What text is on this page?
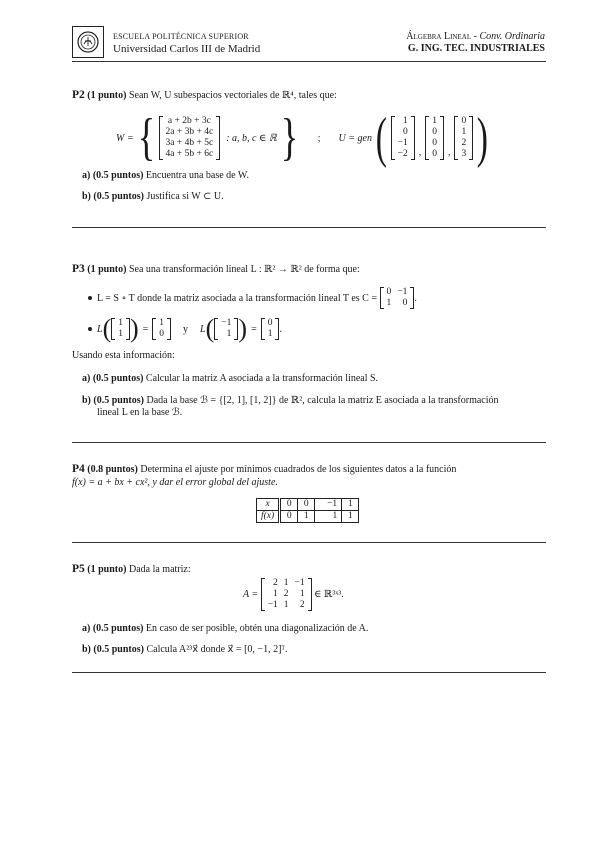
ESCUELA POLITÉCNICA SUPERIOR
Universidad Carlos III de Madrid
Álgebra Lineal - Conv. Ordinaria
G. ING. TEC. INDUSTRIALES
P2
(1 punto)
Sean W, U subespacios vectoriales de ℝ⁴, tales que:
W = { a + 2b + 3c
2a + 3b + 4c
3a + 4b + 5c
4a + 5b + 6c
: a, b, c ∈ ℝ } ; U = gen ( 1
0
−1
−2 ,
1
0
0
0 ,
0
1
2
3 )
a)
(0.5 puntos)
Encuentra una base de W.
b)
(0.5 puntos)
Justifica si W ⊂ U.
P3
(1 punto)
Sea una transformación lineal L : ℝ² → ℝ² de forma que:
L = S ∘ T donde la matriz asociada a la transformación lineal T es C =

0	−1
1	0 .
L ( 1
1 ) =
1
0 y L ( −1
1 ) =
0
1 .
Usando esta información:
a)
(0.5 puntos)
Calcular la matriz A asociada a la transformación lineal S.
b)
(0.5 puntos)
Dada la base ℬ = {[2, 1], [1, 2]} de ℝ², calcula la matriz E asociada a la transformación
lineal L en la base ℬ.
P4
(0.8 puntos)
Determina el ajuste por mínimos cuadrados de los siguientes datos a la función
f(x) = a + bx + cx², y dar el error global del ajuste.
x	0	0	−1	1
f(x)	0	1	1	1
P5
(1 punto)
Dada la matriz:
A =

2	1	−1
1	2	1
−1	1	2

∈ ℝ³ˣ³.
a)
(0.5 puntos)
En caso de ser posible, obtén una diagonalización de A.
b)
(0.5 puntos)
Calcula A²³x⃗ donde x⃗ = [0, −1, 2]ᵀ.
